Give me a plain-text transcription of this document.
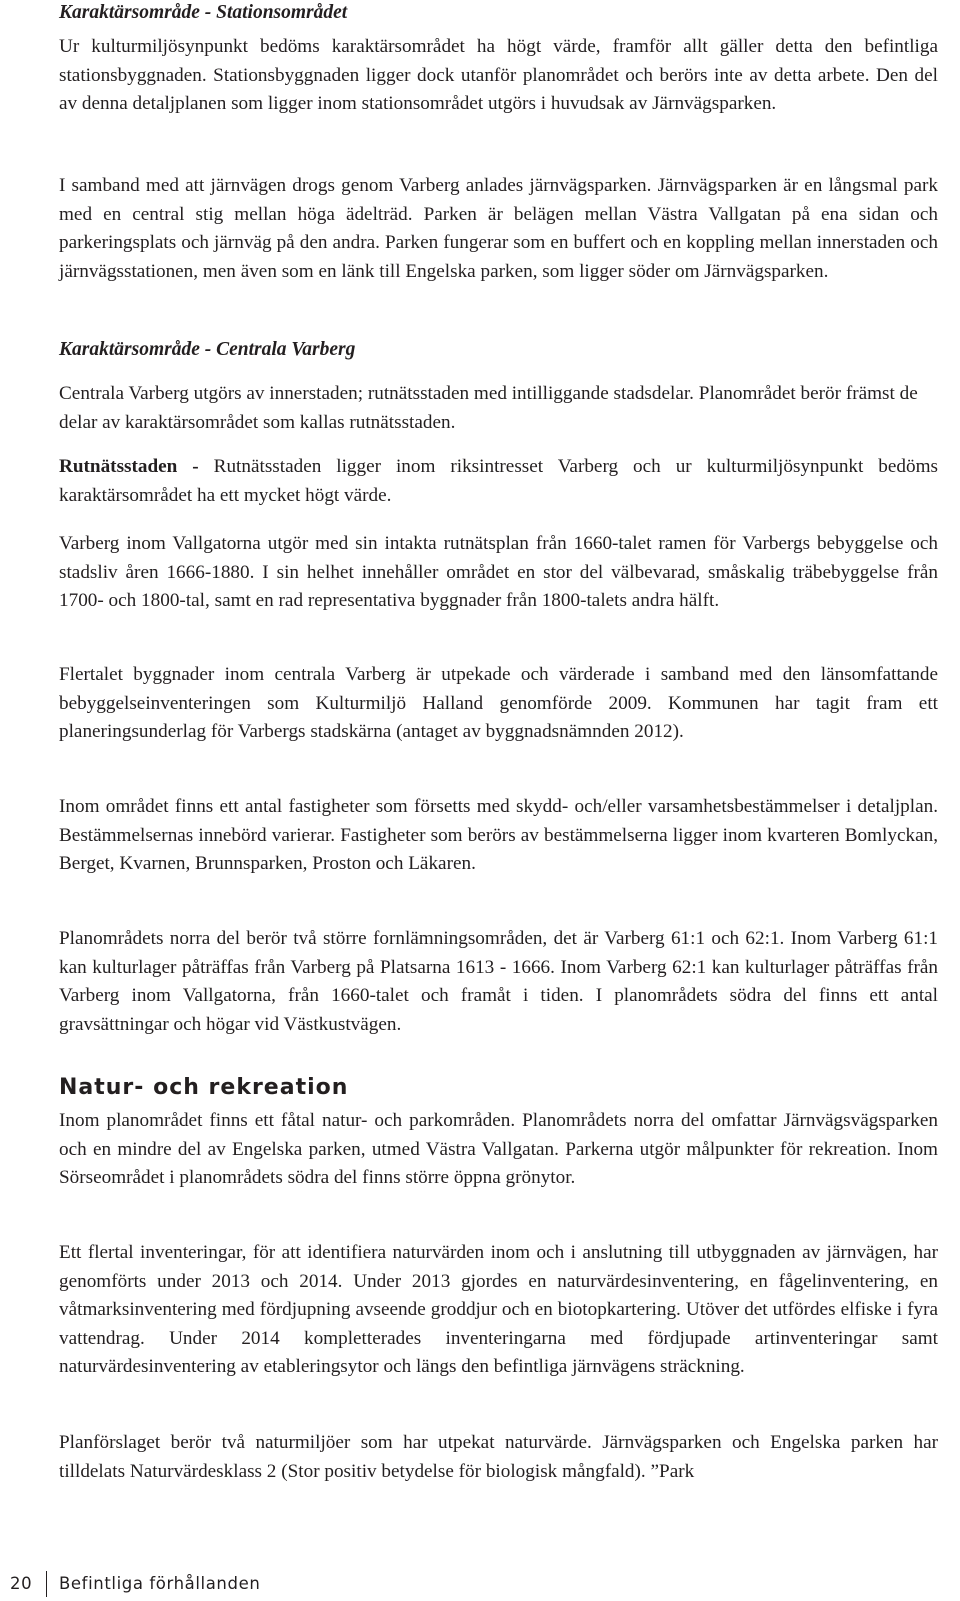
Karaktärsområde - Stationsområdet

Ur kulturmiljösynpunkt bedöms karaktärsområdet ha högt värde, framför allt gäller detta den befintliga stationsbyggnaden. Stationsbyggnaden ligger dock utanför planområdet och berörs inte av detta arbete. Den del av denna detaljplanen som ligger inom stationsområdet utgörs i huvudsak av Järnvägsparken.

I samband med att järnvägen drogs genom Varberg anlades järnvägsparken. Järnvägsparken är en långsmal park med en central stig mellan höga ädelträd. Parken är belägen mellan Västra Vallgatan på ena sidan och parkeringsplats och järnväg på den andra. Parken fungerar som en buffert och en koppling mellan innerstaden och järnvägsstationen, men även som en länk till Engelska parken, som ligger söder om Järnvägsparken.

Karaktärsområde - Centrala Varberg

Centrala Varberg utgörs av innerstaden; rutnätsstaden med intilliggande stadsdelar. Planområdet berör främst de delar av karaktärsområdet som kallas rutnätsstaden.

Rutnätsstaden - Rutnätsstaden ligger inom riksintresset Varberg och ur kulturmiljösynpunkt bedöms karaktärsområdet ha ett mycket högt värde.

Varberg inom Vallgatorna utgör med sin intakta rutnätsplan från 1660-talet ramen för Varbergs bebyggelse och stadsliv åren 1666-1880. I sin helhet innehåller området en stor del välbevarad, småskalig träbebyggelse från 1700- och 1800-tal, samt en rad representativa byggnader från 1800-talets andra hälft.

Flertalet byggnader inom centrala Varberg är utpekade och värderade i samband med den länsomfattande bebyggelseinventeringen som Kulturmiljö Halland genomförde 2009. Kommunen har tagit fram ett planeringsunderlag för Varbergs stadskärna (antaget av byggnadsnämnden 2012).

Inom området finns ett antal fastigheter som försetts med skydd- och/eller varsamhetsbestämmelser i detaljplan. Bestämmelsernas innebörd varierar. Fastigheter som berörs av bestämmelserna ligger inom kvarteren Bomlyckan, Berget, Kvarnen, Brunnsparken, Proston och Läkaren.

Planområdets norra del berör två större fornlämningsområden, det är Varberg 61:1 och 62:1. Inom Varberg 61:1 kan kulturlager påträffas från Varberg på Platsarna 1613 - 1666. Inom Varberg 62:1 kan kulturlager påträffas från Varberg inom Vallgatorna, från 1660-talet och framåt i tiden. I planområdets södra del finns ett antal gravsättningar och högar vid Västkustvägen.

Natur- och rekreation

Inom planområdet finns ett fåtal natur- och parkområden. Planområdets norra del omfattar Järnvägsvägsparken och en mindre del av Engelska parken, utmed Västra Vallgatan. Parkerna utgör målpunkter för rekreation. Inom Sörseområdet i planområdets södra del finns större öppna grönytor.

Ett flertal inventeringar, för att identifiera naturvärden inom och i anslutning till utbyggnaden av järnvägen, har genomförts under 2013 och 2014. Under 2013 gjordes en naturvärdesinventering, en fågelinventering, en våtmarksinventering med fördjupning avseende groddjur och en biotopkartering. Utöver det utfördes elfiske i fyra vattendrag. Under 2014 kompletterades inventeringarna med fördjupade artinventeringar samt naturvärdesinventering av etableringsytor och längs den befintliga järnvägens sträckning.

Planförslaget berör två naturmiljöer som har utpekat naturvärde. Järnvägsparken och Engelska parken har tilldelats Naturvärdesklass 2 (Stor positiv betydelse för biologisk mångfald). ”Park

20 Befintliga förhållanden
